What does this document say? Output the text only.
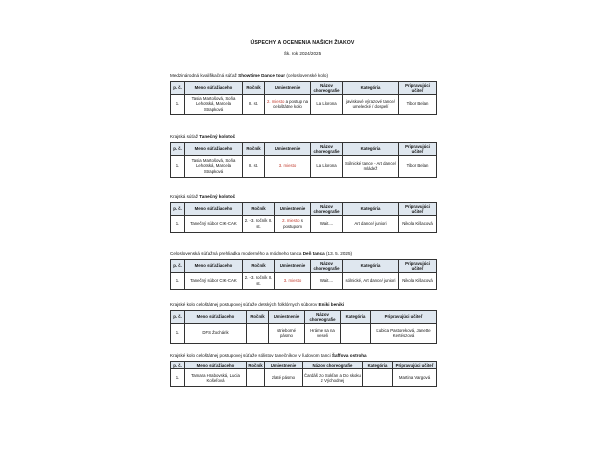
ÚSPECHY A OCENENIA NAŠICH ŽIAKOV
Šk. rok 2024/2025
Medzinárodná kvalifikačná súťaž Showtime Dance tour (celoslovenské kolo)
p. č.	Meno súťažiaceho	Ročník	Umiestnenie	Názov choreografie	Kategória	Pripravujúci učiteľ
1.	Tasia Martošová, Soňa Lehotská, Marcela Strapková	II. st.	2. miesto a postup na celoštátne kolo	La Llorona	javiskové výrazové tance/ umelecké / dospelí	Tibor Belan
Krajská súťaž Tanečný kolotoč
p. č.	Meno súťažiaceho	Ročník	Umiestnenie	Názov choreografie	Kategória	Pripravujúci učiteľ
1.	Tasia Martošová, Soňa Lehotská, Marcela Strapková	II. st.	3. miesto	La Llorona	Sólnické tance - Art dance/ mládež	Tibor Belan
Krajská súťaž Tanečný kolotoč
p. č.	Meno súťažiaceho	Ročník	Umiestnenie	Názov choreografie	Kategória	Pripravujúci učiteľ
1.	Tanečný súbor CIK-CAK	2. -3. ročník II. st.	2. miesto s postupom	Wait....	Art dance/ juniori	Nikola Kišacová
Celoslovenská súťažná prehliadka moderného a módneho tanca Deň tanca (13. 5. 2025)
p. č.	Meno súťažiaceho	Ročník	Umiestnenie	Názov choreografie	Kategória	Pripravujúci učiteľ
1.	Tanečný súbor CIK-CAK	2. -3. ročník II. st.	3. miesto	Wait....	sólnické, Art dance/ juniori	Nikola Kišacová
Krajské kolo celoštátnej postupovej súťaže detských folklórnych súborov Eniki beniki
p. č.	Meno súťažiaceho	Ročník	Umiestnenie	Názov choreografie	Kategória	Pripravujúci učiteľ
1.	DFS Žochárik		strieborné pásmo	Hráme sa na veseli		Ľubica Pastoreková, Janette Kertészová
Krajské kolo celoštátnej postupovej súťaže sólistov tanečníkov v ľudovom tanci Šaffova ostroha
p. č.	Meno súťažiaceho	Ročník	Umiestnenie	Názov choreografie	Kategória	Pripravujúci učiteľ
1.	Tamara Hrabovská, Lucia Košeľová		zlaté pásmo	Čardáš zo Sokľan a Do skoku z Východnej		Martina Vargová
